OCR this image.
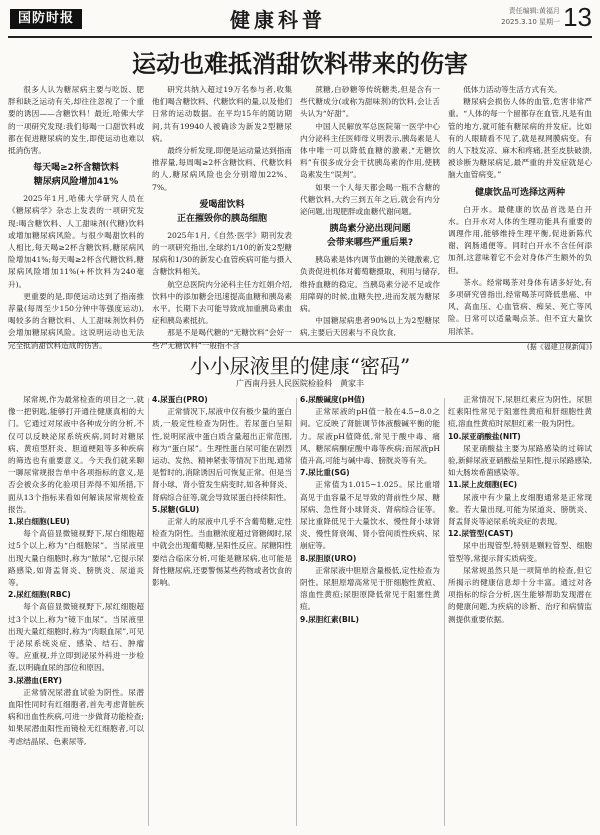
国防时报	健康科普	责任编辑:黄福月
2025.3.10 星期一 13
运动也难抵消甜饮料带来的伤害

很多人认为糖尿病主要与吃饭、肥胖和缺乏运动有关,却往往忽视了一个重要的诱因——含糖饮料！最近,哈佛大学的一项研究发现:我们每喝一口甜饮料或都在促进糖尿病的发生,即使运动也难以抵消伤害。

每天喝≥2杯含糖饮料
糖尿病风险增加41%

2025年1月,哈佛大学研究人员在《糖尿病学》杂志上发表的一项研究发现:喝含糖饮料、人工甜味剂(代糖)饮料或增加糖尿病风险。与很少喝甜饮料的人相比,每天喝≥2杯含糖饮料,糖尿病风险增加41%;每天喝≥2杯含代糖饮料,糖尿病风险增加11%(+杯饮料为240毫升)。

更重要的是,即使运动达到了指南推荐量(每周至少150分钟中等强度运动),喝较多的含糖饮料、人工甜味剂饮料仍会增加糖尿病风险。这说明运动也无法完全抵消甜饮料造成的伤害。

研究共纳入超过19万名参与者,收集他们喝含糖饮料、代糖饮料的量,以及他们日常的运动数据。在平均15年的随访期间,共有19940人被确诊为新发2型糖尿病。

最终分析发现,即便是运动量达到指南推荐量,每周喝≥2杯含糖饮料、代糖饮料的人,糖尿病风险也会分别增加22%、7%。

爱喝甜饮料
正在摧毁你的胰岛细胞

2025年1月,《自然·医学》期刊发表的一项研究指出,全球约1/10的新发2型糖尿病和1/30的新发心血管疾病可能与摄入含糖饮料相关。

航空总医院内分泌科主任方红娟介绍,饮料中的添加糖会迅速提高血糖和胰岛素水平。长期下去可能导致成加重胰岛素血症和胰岛素抵抗。

那是不是喝代糖的“无糖饮料”会好一些?“无糖饮料”一般指不含

蔗糖,白砂糖等传统糖类,但是含有一些代糖成分(或称为甜味剂)的饮料,会让舌头认为“好甜”。

中国人民解放军总医院第一医学中心内分泌科主任医师母义明表示,胰岛素是人体中唯一可以降低血糖的激素,“无糖饮料”有很多成分会干扰胰岛素的作用,使胰岛素发生“误判”。

如果一个人每天都会喝一瓶不含糖的代糖饮料,大约三到五年之后,就会有内分泌问题,出现肥胖或血糖代谢问题。

胰岛素分泌出现问题
会带来哪些严重后果?

胰岛素是体内调节血糖的关键激素,它负责促进机体对葡萄糖摄取、利用与储存,维持血糖的稳定。当胰岛素分泌不足或作用障碍的时候,血糖失控,进而发展为糖尿病。

中国糖尿病患者90%以上为2型糖尿病,主要后天因素与不良饮食,

低体力活动等生活方式有关。

糖尿病会损伤人体的血管,危害非常严重。“人体的每一个留都存在血管,凡是有血管的地方,就可能有糖尿病的并发症。比如有的人眼睛看不见了,就是视网膜病变。有的人下肢发凉、麻木和疼痛,甚至皮肤破溃,被诊断为糖尿病足,最严重的并发症就是心脑大血管病变。”

健康饮品可选择这两种

白开水。最健康的饮品首选是白开水。白开水对人体的生理功能具有重要的调理作用,能够维持生理平衡,促进新陈代谢、润肠通便等。同时白开水不含任何添加剂,这意味着它不会对身体产生额外的负担。

茶水。经常喝茶对身体有诸多好处,有多项研究曾指出,经常喝茶可降低患癌、中风、高血压、心血管病、痴呆、死亡等风险。日常可以适量喝点茶。但不宜大量饮用浓茶。

(据《福建卫视新闻》)
小小尿液里的健康“密码”
广西南丹县人民医院检验科　黄家丰

尿常规,作为最常检查的项目之一,就像一把钥匙,能够打开通往健康真相的大门。它通过对尿液中各种成分的分析,不仅可以反映泌尿系统疾病,同时对糖尿病、黄疸型肝炎、胆道梗阻等多种疾病的筛选也有重要意义。今天我们就来聊一聊尿常规报告单中各项指标的意义,是否会被众多的化验项目弄得不知所措,下面从13个指标来看如何解读尿常规检查报告。

1.尿白细胞(LEU)

每个高倍显微镜视野下,尿白细胞超过5个以上,称为“白细胞尿”。当尿液里出现大量白细胞时,称为“脓尿”,它提示尿路感染,如肾盂肾炎、膀胱炎、尿道炎等。

2.尿红细胞(RBC)

每个高倍显微镜视野下,尿红细胞超过3个以上,称为“镜下血尿”。当尿液里出现大量红细胞时,称为“肉眼血尿”,可见于泌尿系统炎症、感染、结石、肿瘤等。应重视,并立即到泌尿外科进一步检查,以明确血尿的部位和原因。

3.尿潜血(ERY)

正常情况尿潜血试验为阴性。尿潜血阳性同时有红细胞者,首先考虑肾脏疾病和出血性疾病,可进一步做肾功能检查;如果尿潜血阳性而镜检无红细胞者,可以考虑结晶尿、色素尿等,

4.尿蛋白(PRO)

正常情况下,尿液中仅有极少量的蛋白质,一般定性检查为阴性。若尿蛋白呈阳性,说明尿液中蛋白质含量超出正常范围,称为“蛋白尿”。生理性蛋白尿可能在剧烈运动、发热、精神紧张等情况下出现,通常是暂时的,消除诱因后可恢复正常。但是当肾小球、肾小管发生病变时,如各种肾炎、肾病综合征等,就会导致尿蛋白持续阳性。

5.尿糖(GLU)

正常人的尿液中几乎不含葡萄糖,定性检查为阴性。当血糖浓度超过肾糖阈时,尿中就会出现葡萄糖,呈阳性反应。尿糖阳性要结合临床分析,可能是糖尿病,也可能是肾性糖尿病,还要警惕某些药物或者饮食的影响。

6.尿酸碱度(pH值)

正常尿液的pH值一般在4.5~8.0之间。它反映了肾脏调节体液酸碱平衡的能力。尿液pH值降低,常见于酸中毒、痛风、糖尿病酮症酸中毒等疾病;而尿液pH值升高,可能与碱中毒、膀胱炎等有关。

7.尿比重(SG)

正常值为1.015~1.025。尿比重增高见于血容量不足导致的肾前性少尿、糖尿病、急性肾小球肾炎、肾病综合征等。尿比重降低见于大量饮水、慢性肾小球肾炎、慢性肾衰竭、肾小管间质性疾病、尿崩症等。

8.尿胆原(URO)

正常尿液中胆原含量极低,定性检查为阴性。尿胆原增高常见于肝细胞性黄疸、溶血性黄疸;尿胆原降低常见于阻塞性黄疸。

9.尿胆红素(BIL)

正常情况下,尿胆红素应为阴性。尿胆红素阳性常见于阻塞性黄疸和肝细胞性黄疸,溶血性黄疸时尿胆红素一般为阴性。

10.尿亚硝酸盐(NIT)

尿亚硝酸盐主要为尿路感染的过筛试验,新鲜尿液亚硝酸盐呈阳性,提示尿路感染,如大肠埃希菌感染等。

11.尿上皮细胞(EC)

尿液中有少量上皮细胞通常是正常现象。若大量出现,可能为尿道炎、膀胱炎、肾盂肾炎等泌尿系统炎症的表现。

12.尿管型(CAST)

尿中出现管型,特别是颗粒管型、细胞管型等,常提示肾实质病变。

尿常规虽然只是一项简单的检查,但它所揭示的健康信息却十分丰富。通过对各项指标的综合分析,医生能够帮助发现潜在的健康问题,为疾病的诊断、治疗和病情监测提供重要依据。
